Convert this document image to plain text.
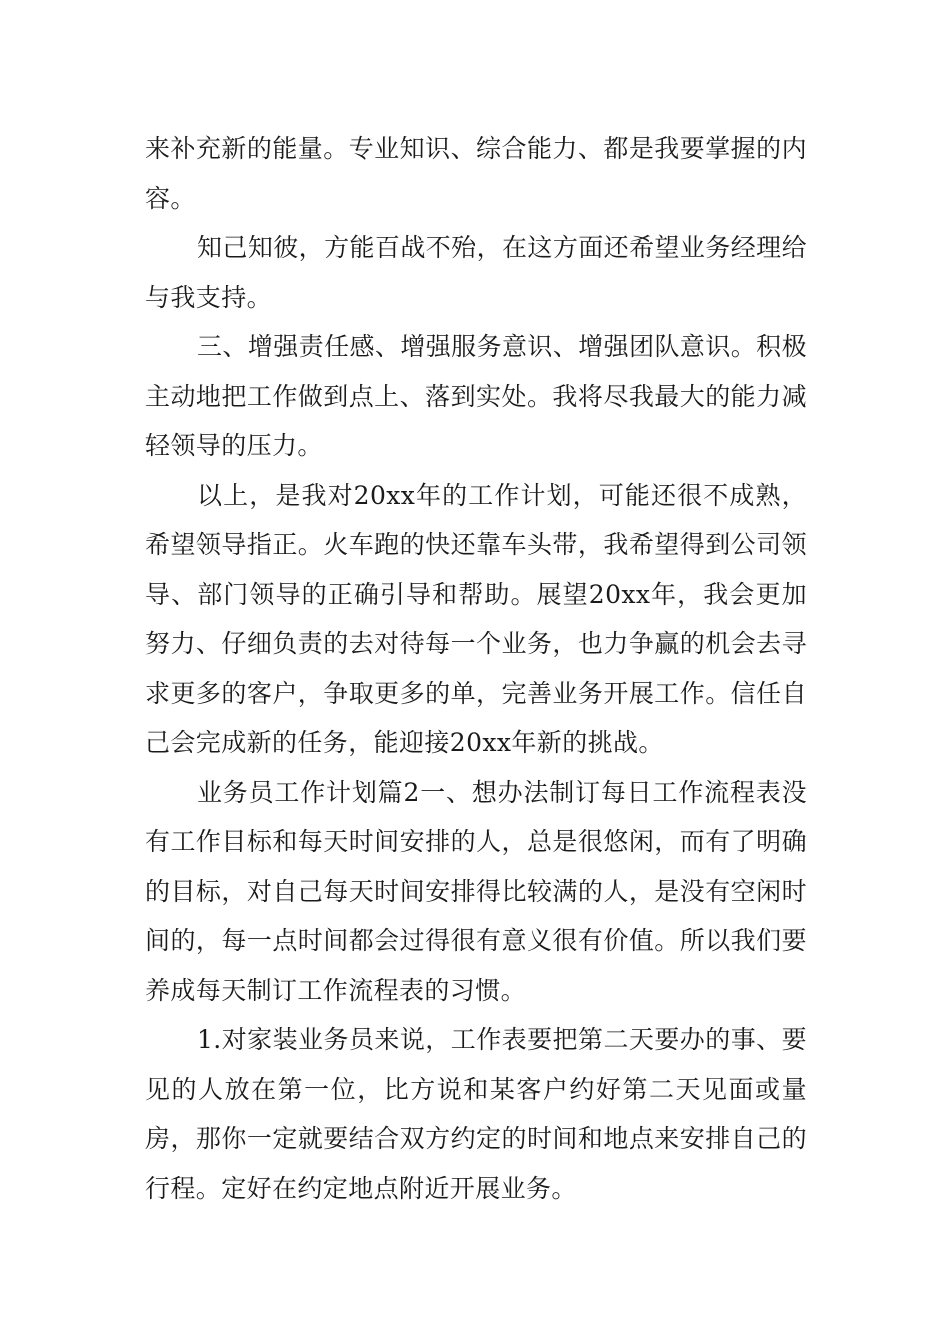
来补充新的能量。专业知识、综合能力、都是我要掌握的内容。

知己知彼，方能百战不殆，在这方面还希望业务经理给与我支持。

三、增强责任感、增强服务意识、增强团队意识。积极主动地把工作做到点上、落到实处。我将尽我最大的能力减轻领导的压力。

以上，是我对20xx年的工作计划，可能还很不成熟，希望领导指正。火车跑的快还靠车头带，我希望得到公司领导、部门领导的正确引导和帮助。展望20xx年，我会更加努力、仔细负责的去对待每一个业务，也力争赢的机会去寻求更多的客户，争取更多的单，完善业务开展工作。信任自己会完成新的任务，能迎接20xx年新的挑战。

业务员工作计划篇2一、想办法制订每日工作流程表没有工作目标和每天时间安排的人，总是很悠闲，而有了明确的目标，对自己每天时间安排得比较满的人，是没有空闲时间的，每一点时间都会过得很有意义很有价值。所以我们要养成每天制订工作流程表的习惯。

1.对家装业务员来说，工作表要把第二天要办的事、要见的人放在第一位，比方说和某客户约好第二天见面或量房，那你一定就要结合双方约定的时间和地点来安排自己的行程。定好在约定地点附近开展业务。
